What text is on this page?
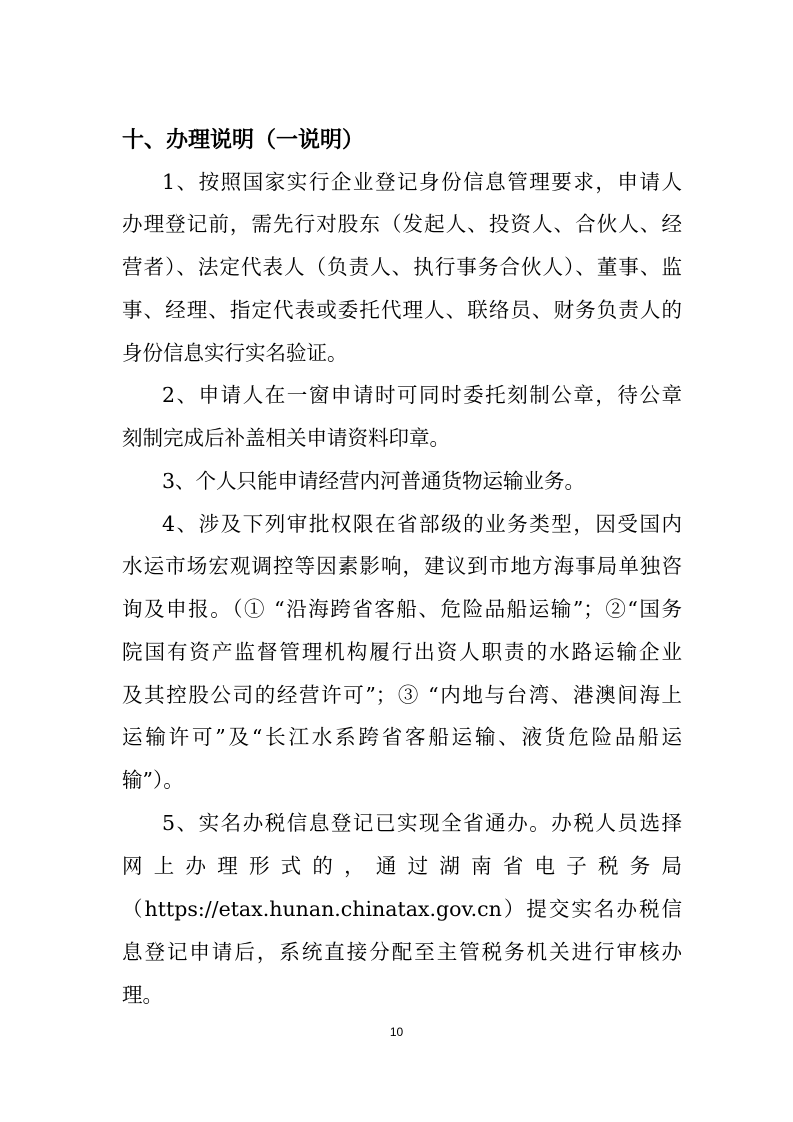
十、办理说明（一说明）
1、按照国家实行企业登记身份信息管理要求，申请人
办理登记前，需先行对股东（发起人、投资人、合伙人、经
营者）、法定代表人（负责人、执行事务合伙人）、董事、监
事、经理、指定代表或委托代理人、联络员、财务负责人的
身份信息实行实名验证。
2、申请人在一窗申请时可同时委托刻制公章，待公章
刻制完成后补盖相关申请资料印章。
3、个人只能申请经营内河普通货物运输业务。
4、涉及下列审批权限在省部级的业务类型，因受国内
水运市场宏观调控等因素影响，建议到市地方海事局单独咨
询及申报。（① “沿海跨省客船、危险品船运输”；②“国务
院国有资产监督管理机构履行出资人职责的水路运输企业
及其控股公司的经营许可”；③ “内地与台湾、港澳间海上
运输许可”及“长江水系跨省客船运输、液货危险品船运
输”）。
5、实名办税信息登记已实现全省通办。办税人员选择
网上办理形式的，通过湖南省电子税务局
（https://etax.hunan.chinatax.gov.cn）提交实名办税信
息登记申请后，系统直接分配至主管税务机关进行审核办
理。
10
